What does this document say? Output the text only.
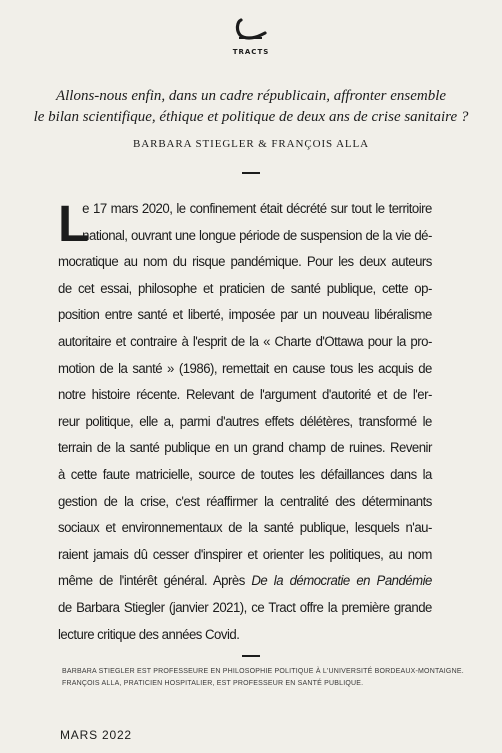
TRACTS
Allons-nous enfin, dans un cadre républicain, affronter ensemble
le bilan scientifique, éthique et politique de deux ans de crise sanitaire ?
BARBARA STIEGLER & FRANÇOIS ALLA
L
e 17 mars 2020, le confinement était décrété sur tout le territoire
national, ouvrant une longue période de suspension de la vie dé-
mocratique au nom du risque pandémique. Pour les deux auteurs
de cet essai, philosophe et praticien de santé publique, cette op-
position entre santé et liberté, imposée par un nouveau libéralisme
autoritaire et contraire à l'esprit de la « Charte d'Ottawa pour la pro-
motion de la santé » (1986), remettait en cause tous les acquis de
notre histoire récente. Relevant de l'argument d'autorité et de l'er-
reur politique, elle a, parmi d'autres effets délétères, transformé le
terrain de la santé publique en un grand champ de ruines. Revenir
à cette faute matricielle, source de toutes les défaillances dans la
gestion de la crise, c'est réaffirmer la centralité des déterminants
sociaux et environnementaux de la santé publique, lesquels n'au-
raient jamais dû cesser d'inspirer et orienter les politiques, au nom
même de l'intérêt général. Après De la démocratie en Pandémie
de Barbara Stiegler (janvier 2021), ce Tract offre la première grande
lecture critique des années Covid.
BARBARA STIEGLER EST PROFESSEURE EN PHILOSOPHIE POLITIQUE À L'UNIVERSITÉ BORDEAUX-MONTAIGNE.
FRANÇOIS ALLA, PRATICIEN HOSPITALIER, EST PROFESSEUR EN SANTÉ PUBLIQUE.
MARS 2022
